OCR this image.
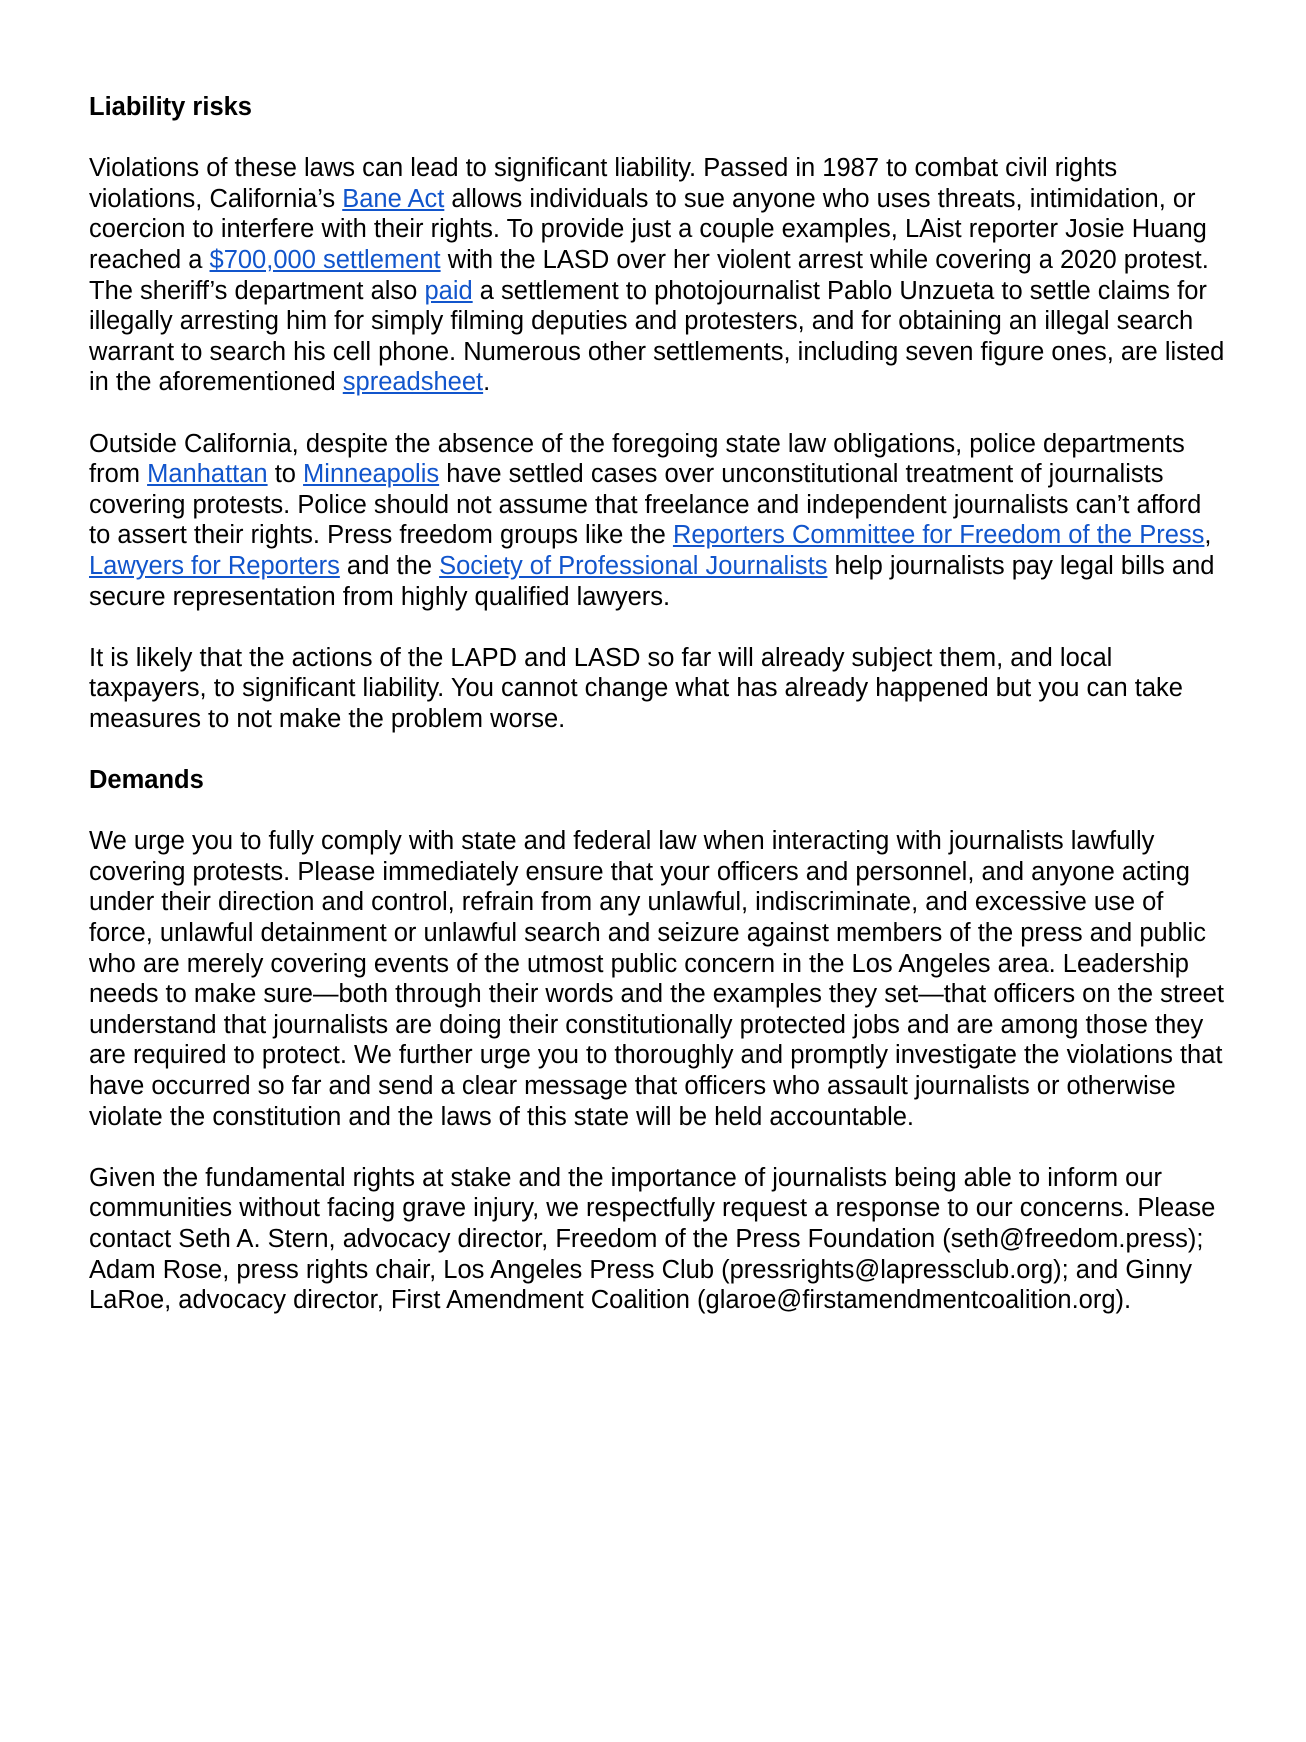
Liability risks
Violations of these laws can lead to significant liability. Passed in 1987 to combat civil rights violations, California’s Bane Act allows individuals to sue anyone who uses threats, intimidation, or coercion to interfere with their rights. To provide just a couple examples, LAist reporter Josie Huang reached a $700,000 settlement with the LASD over her violent arrest while covering a 2020 protest. The sheriff’s department also paid a settlement to photojournalist Pablo Unzueta to settle claims for illegally arresting him for simply filming deputies and protesters, and for obtaining an illegal search warrant to search his cell phone. Numerous other settlements, including seven figure ones, are listed in the aforementioned spreadsheet.
Outside California, despite the absence of the foregoing state law obligations, police departments from Manhattan to Minneapolis have settled cases over unconstitutional treatment of journalists covering protests. Police should not assume that freelance and independent journalists can’t afford to assert their rights. Press freedom groups like the Reporters Committee for Freedom of the Press, Lawyers for Reporters and the Society of Professional Journalists help journalists pay legal bills and secure representation from highly qualified lawyers.
It is likely that the actions of the LAPD and LASD so far will already subject them, and local taxpayers, to significant liability. You cannot change what has already happened but you can take measures to not make the problem worse.
Demands
We urge you to fully comply with state and federal law when interacting with journalists lawfully covering protests. Please immediately ensure that your officers and personnel, and anyone acting under their direction and control, refrain from any unlawful, indiscriminate, and excessive use of force, unlawful detainment or unlawful search and seizure against members of the press and public who are merely covering events of the utmost public concern in the Los Angeles area. Leadership needs to make sure—both through their words and the examples they set—that officers on the street understand that journalists are doing their constitutionally protected jobs and are among those they are required to protect. We further urge you to thoroughly and promptly investigate the violations that have occurred so far and send a clear message that officers who assault journalists or otherwise violate the constitution and the laws of this state will be held accountable.
Given the fundamental rights at stake and the importance of journalists being able to inform our communities without facing grave injury, we respectfully request a response to our concerns. Please contact Seth A. Stern, advocacy director, Freedom of the Press Foundation (seth@freedom.press); Adam Rose, press rights chair, Los Angeles Press Club (pressrights@lapressclub.org); and Ginny LaRoe, advocacy director, First Amendment Coalition (glaroe@firstamendmentcoalition.org).
